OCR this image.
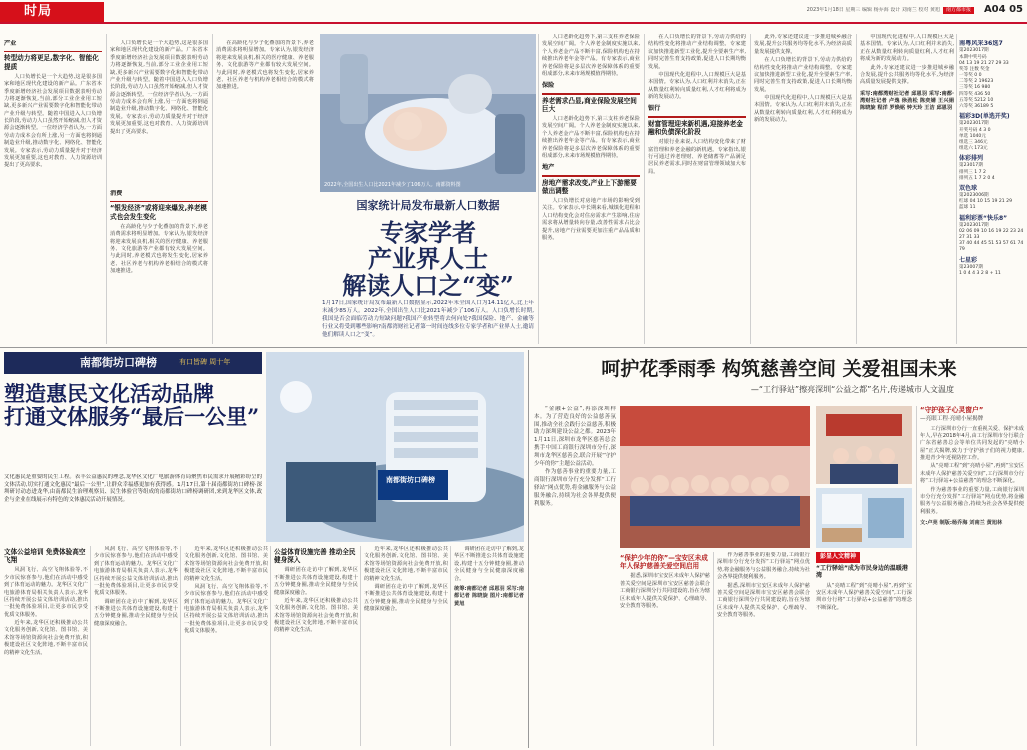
时局	2023年1月18日 星期三 编辑 杨乔海 设计 刘南兰 校对 黄旭 南方都市报	A04 05
产业
转型动力将更足,数字化、智能化提质

人口负增长是一个大趋势,这是很多国家和地区现代化建设的新产品。广东省本季度新增经济社会发展项目数据表明劳动力将逐渐恢复,当前,部分工业企业用工短缺,更多新兴产业需要数字化和智能化带动产业升级与转型。随着中国进入人口负增长阶段,劳动力人口虽然开始缩减,但人才资源会逐渐转型。一位经济学者认为,一方面劳动力成本会有所上涨,另一方面也将倒逼制造业升级,推动数字化、网络化、智能化发展。专家表示,劳动力质量提升对于经济发展更加重要,这也对教育、人力资源培训提出了更高要求。

人口负增长是一个大趋势,这是很多国家和地区现代化建设的新产品。广东省本季度新增经济社会发展项目数据表明劳动力将逐渐恢复,当前,部分工业企业用工短缺,更多新兴产业需要数字化和智能化带动产业升级与转型。随着中国进入人口负增长阶段,劳动力人口虽然开始缩减,但人才资源会逐渐转型。一位经济学者认为,一方面劳动力成本会有所上涨,另一方面也将倒逼制造业升级,推动数字化、网络化、智能化发展。专家表示,劳动力质量提升对于经济发展更加重要,这也对教育、人力资源培训提出了更高要求。

消费
“银发经济”或将迎来爆发,养老模式也会发生变化

在高龄化与少子化叠加的背景下,养老消费需求将明显增加。专家认为,银发经济将迎来发展良机,相关的医疗健康、养老服务、文化旅游等产业都有较大发展空间。与此同时,养老模式也将发生变化,居家养老、社区养老与机构养老相结合的模式将加速推进。

在高龄化与少子化叠加的背景下,养老消费需求将明显增加。专家认为,银发经济将迎来发展良机,相关的医疗健康、养老服务、文化旅游等产业都有较大发展空间。与此同时,养老模式也将发生变化,居家养老、社区养老与机构养老相结合的模式将加速推进。

2022年,全国出生人口比2021年减少了106万人。南都资料图
国家统计局发布最新人口数据
专家学者
产业界人士
解读人口之“变”
1月17日,国家统计局发布最新人口数据显示,2022年末全国人口为14.11亿人,比上年末减少85万人。2022年,全国出生人口比2021年减少了106万人。人口负增长时期,我国是否会面临劳动力短缺问题?我国产业转型将去何向处?我国保险、地产、金融等行业又将受到哪些影响?南都湾财社记者第一时间连线多位专家学者和产业界人士,邀请他们解读人口之“变”。

人口老龄化趋势下,第三支柱养老保险发展空间广阔。个人养老金制度实施以来,个人养老金产品不断丰富,保险机构也在持续推出养老年金等产品。有专家表示,商业养老保险将是多层次养老保障体系的重要组成部分,未来市场规模值得期待。

保险
养老需求凸显,商业保险发展空间巨大

人口老龄化趋势下,第三支柱养老保险发展空间广阔。个人养老金制度实施以来,个人养老金产品不断丰富,保险机构也在持续推出养老年金等产品。有专家表示,商业养老保险将是多层次养老保障体系的重要组成部分,未来市场规模值得期待。

地产
房地产需求改变,产业上下游需要做出调整

人口负增长对房地产市场的影响受到关注。专家表示,中长期来看,城镇化进程和人口结构变化会对住房需求产生影响,住房需求将从增量转向存量,改善性需求占比会提升,房地产行业需要更加注重产品品质和服务。

在人口负增长的背景下,劳动力供给的结构性变化将推动产业结构调整。专家建议加快推进新型工业化,提升全要素生产率,同时完善生育支持政策,促进人口长期均衡发展。

中国现代化进程中,人口规模巨大是基本国情。专家认为,人口红利并未消失,正在从数量红利转向质量红利,人才红利将成为新的发展动力。

银行
财富管理迎来新机遇,迎接养老金融和负债深化阶段

对银行业来说,人口结构变化带来了财富管理和养老金融的新机遇。专家指出,银行可通过养老理财、养老储蓄等产品满足居民养老需求,同时在财富管理领域加大布局。

此外,专家还建议进一步推进城乡融合发展,提升公共服务均等化水平,为经济高质量发展提供支撑。

在人口负增长的背景下,劳动力供给的结构性变化将推动产业结构调整。专家建议加快推进新型工业化,提升全要素生产率,同时完善生育支持政策,促进人口长期均衡发展。

中国现代化进程中,人口规模巨大是基本国情。专家认为,人口红利并未消失,正在从数量红利转向质量红利,人才红利将成为新的发展动力。

中国现代化进程中,人口规模巨大是基本国情。专家认为,人口红利并未消失,正在从数量红利转向质量红利,人才红利将成为新的发展动力。

此外,专家还建议进一步推进城乡融合发展,提升公共服务均等化水平,为经济高质量发展提供支撑。

采写:南都湾财社记者 邱恩羽 采写:南都·湾财社记者 卢逸 徐劲松 陈奕婧 王兴娟 陈晓旋 程洋 罗焕铭 钟天玲 王洁 邱恩羽
南粤风采36选7
第2023017期
本期中奖号码
04 13 19 21 27 29 33
奖等 注数 奖金
一等奖 0 0
二等奖 2 19623
三等奖 16 980
四等奖 436 50
五等奖 5212 10
六等奖 36189 5
福彩3D(单选开奖)
第2023017期
开奖号码 4 3 0
单选 1040元
组选三 346元
组选六 173元
体彩排列
第23017期
排列三 1 7 2
排列五 1 7 2 0 4
双色球
第2023006期
红球 04 10 15 19 21 29
蓝球 11
福利彩票“快乐8”
第2023017期
02 06 09 10 16 19 22 23 24 27 31 33
37 40 44 45 51 53 57 61 74 79
七星彩
第23007期
1 0 4 4 3 2 8 + 11
南都街坊口碑榜	有口皆碑 周十年
塑造惠民文化活动品牌
打通文体服务“最后一公里”
文化惠民是重要的民生工程。表丰公益惠民的理念,龙华区文化广电旅游体育局聚焦市民需求开展精彩纷呈的文体活动,切实打通文化惠民“最后一公里”,让群众幸福感更加有获得感。1月17日,第十届南都街坊口碑榜·深圳研讨动态进龙华,由南都民生治理观察员、民生体验官等组成的南都街坊口碑榜调研团,来到龙华区文体,政企与企业在线展示有特色的文体惠民活动开展情况。
南都街坊口碑榜
文体公益培训 免费体验高空飞翔

风洞飞行、高空飞翔体验等,不少市民惊喜参与,他们在活动中感受到了体育运动的魅力。龙华区文化广电旅游体育局相关负责人表示,龙华区持续开展公益文体培训活动,推出一批免费体验项目,让更多市民享受优质文体服务。

近年来,龙华区还积极推动公共文化服务创新,文化馆、图书馆、美术馆等场馆资源向社会免费开放,积极建设社区文化阵地,不断丰富市民的精神文化生活。

风洞飞行、高空飞翔体验等,不少市民惊喜参与,他们在活动中感受到了体育运动的魅力。龙华区文化广电旅游体育局相关负责人表示,龙华区持续开展公益文体培训活动,推出一批免费体验项目,让更多市民享受优质文体服务。

调研团在走访中了解到,龙华区不断推进公共体育设施建设,构建十五分钟健身圈,推动全民健身与全民健康深度融合。

近年来,龙华区还积极推动公共文化服务创新,文化馆、图书馆、美术馆等场馆资源向社会免费开放,积极建设社区文化阵地,不断丰富市民的精神文化生活。

风洞飞行、高空飞翔体验等,不少市民惊喜参与,他们在活动中感受到了体育运动的魅力。龙华区文化广电旅游体育局相关负责人表示,龙华区持续开展公益文体培训活动,推出一批免费体验项目,让更多市民享受优质文体服务。

公益体育设施完善 推动全民健身深入

调研团在走访中了解到,龙华区不断推进公共体育设施建设,构建十五分钟健身圈,推动全民健身与全民健康深度融合。

近年来,龙华区还积极推动公共文化服务创新,文化馆、图书馆、美术馆等场馆资源向社会免费开放,积极建设社区文化阵地,不断丰富市民的精神文化生活。

近年来,龙华区还积极推动公共文化服务创新,文化馆、图书馆、美术馆等场馆资源向社会免费开放,积极建设社区文化阵地,不断丰富市民的精神文化生活。

调研团在走访中了解到,龙华区不断推进公共体育设施建设,构建十五分钟健身圈,推动全民健身与全民健康深度融合。

调研团在走访中了解到,龙华区不断推进公共体育设施建设,构建十五分钟健身圈,推动全民健身与全民健康深度融合。

统筹:南都记者 邱恩羽 采写:南都记者 陈晓旋 图片:南都记者 黄旭
呵护花季雨季 构筑慈善空间 关爱祖国未来
—“工行驿站”擦亮深圳“公益之都”名片,传递城市人文温度

“金融+公益”,再添深圳样本。为了营造良好的公益慈善氛围,推动全社会践行公益慈善,积极助力深圳建设公益之都。2023年1月11日,深圳市龙华区慈善总会携手中国工商银行深圳市分行,深圳市龙华区慈善会,联合开展“守护少年的你”主题公益活动。

作为慈善事业的重要力量,工商银行深圳市分行充分发挥“工行驿站”网点优势,将金融服务与公益服务融合,持续为社会各界提供便利服务。

“保护少年的你”—宝安区未成年人保护慈善关爱空间启用

据悉,深圳市宝安区未成年人保护慈善关爱空间是深圳市宝安区慈善会联合工商银行深圳分行共同建设的,旨在为辖区未成年人提供关爱保护、心理疏导、安全教育等服务。

作为慈善事业的重要力量,工商银行深圳市分行充分发挥“工行驿站”网点优势,将金融服务与公益服务融合,持续为社会各界提供便利服务。

据悉,深圳市宝安区未成年人保护慈善关爱空间是深圳市宝安区慈善会联合工商银行深圳分行共同建设的,旨在为辖区未成年人提供关爱保护、心理疏导、安全教育等服务。

彭显人文精神
“工行驿站”成为市民身边的温暖港湾

从“亮晴工程”到“亮晴小屋”,再到“宝安区未成年人保护慈善关爱空间”,工行深圳市分行将“工行驿站+公益慈善”的理念不断深化。

“守护孩子心灵窗户”
—亮眼工程·亮晴小屋揭牌

工行深圳市分行一直重视关爱、保护未成年人,早在2018年4月,由工行深圳市分行联合广东省慈善总会等单位共同发起的“亮晴小屋”正式揭牌,致力于守护孩子们的视力健康,推进青少年近视防控工作。

从“亮晴工程”到“亮晴小屋”,再到“宝安区未成年人保护慈善关爱空间”,工行深圳市分行将“工行驿站+公益慈善”的理念不断深化。

作为慈善事业的重要力量,工商银行深圳市分行充分发挥“工行驿站”网点优势,将金融服务与公益服务融合,持续为社会各界提供便利服务。

文:卢亮 制版:杨乔海 刘南兰 黄旭林
